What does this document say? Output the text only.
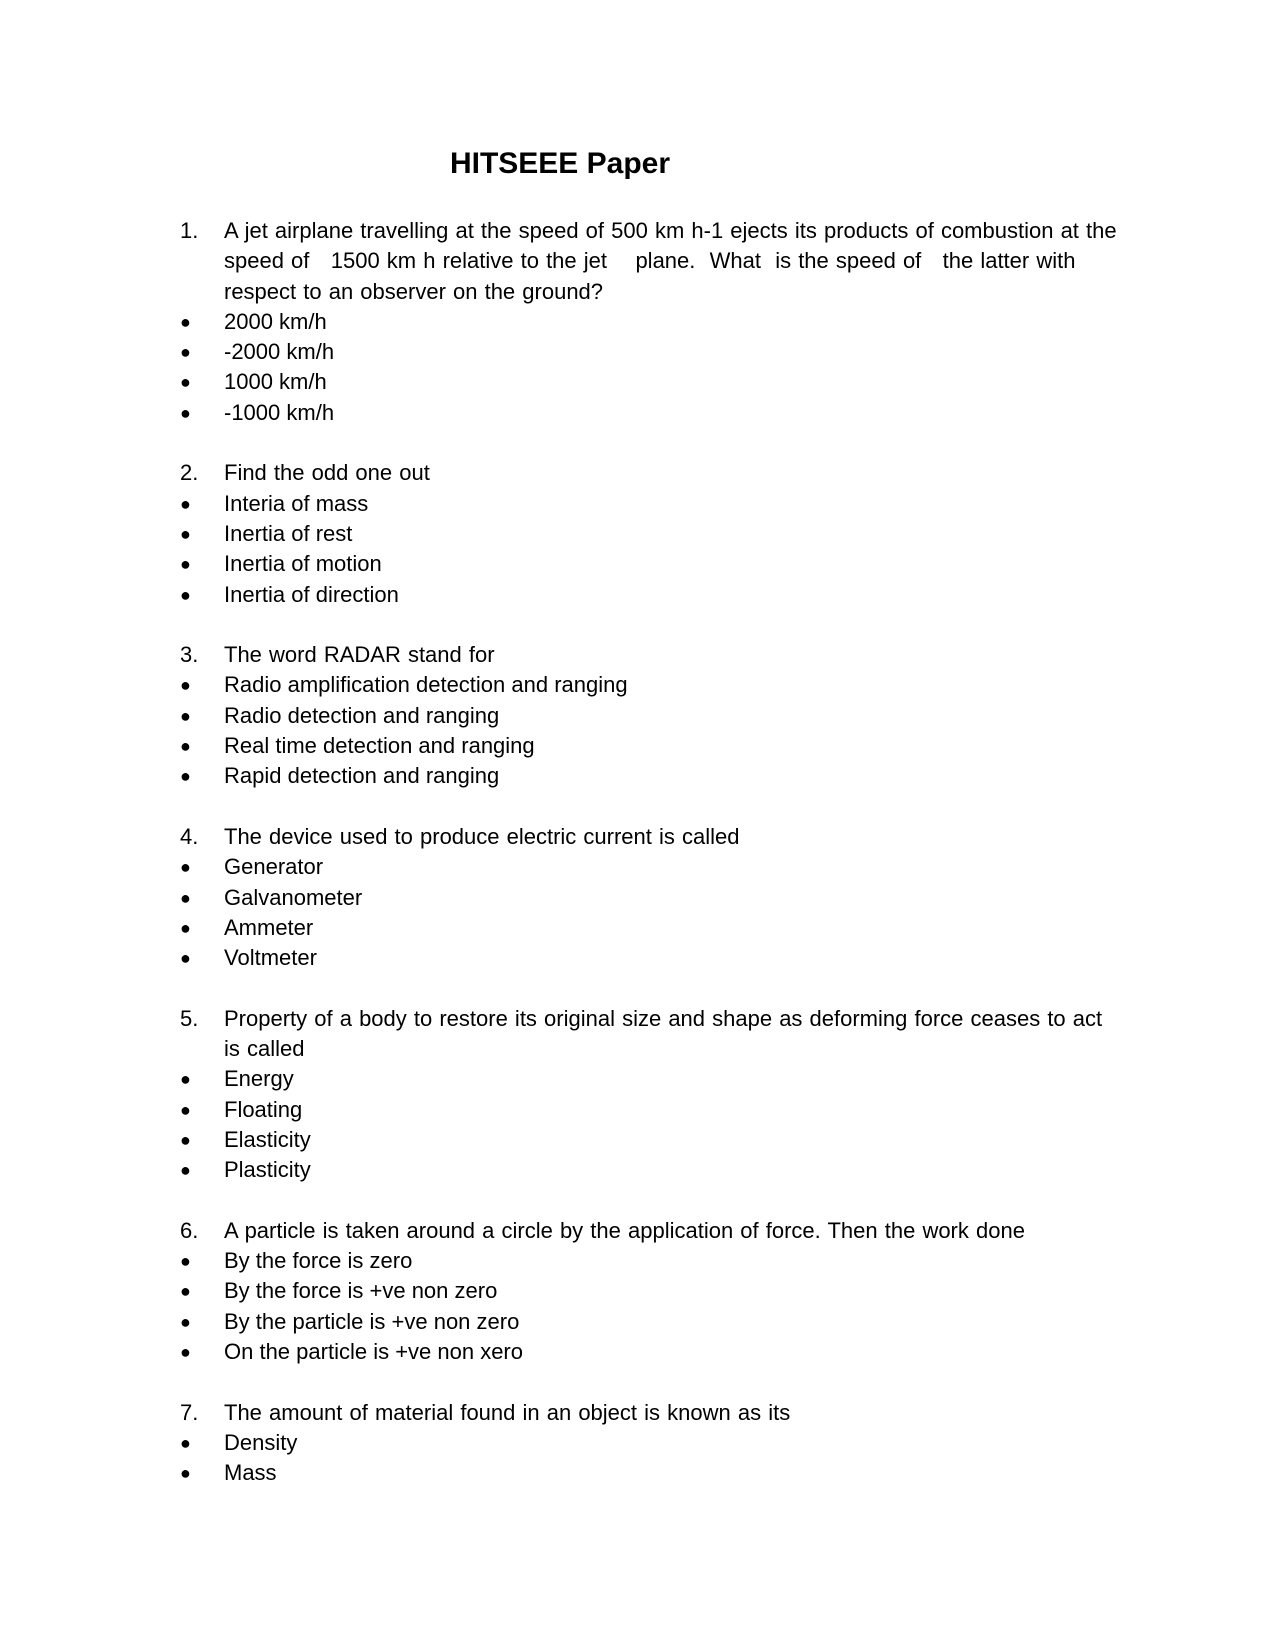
HITSEEE Paper
1.	A jet airplane travelling at the speed of 500 km h-1 ejects its products of combustion at the speed of   1500 km h relative to the jet    plane.  What  is the speed of   the latter with respect to an observer on the ground?
●	2000 km/h
●	-2000 km/h
●	1000 km/h
●	-1000 km/h
2.	Find the odd one out
●	Interia of mass
●	Inertia of rest
●	Inertia of motion
●	Inertia of direction
3.	The word RADAR stand for
●	Radio amplification detection and ranging
●	Radio detection and ranging
●	Real time detection and ranging
●	Rapid detection and ranging
4.	The device used to produce electric current is called
●	Generator
●	Galvanometer
●	Ammeter
●	Voltmeter
5.	Property of a body to restore its original size and shape as deforming force ceases to act is called
●	Energy
●	Floating
●	Elasticity
●	Plasticity
6.	A particle is taken around a circle by the application of force. Then the work done
●	By the force is zero
●	By the force is +ve non zero
●	By the particle is +ve non zero
●	On the particle is +ve non xero
7.	The amount of material found in an object is known as its
●	Density
●	Mass
